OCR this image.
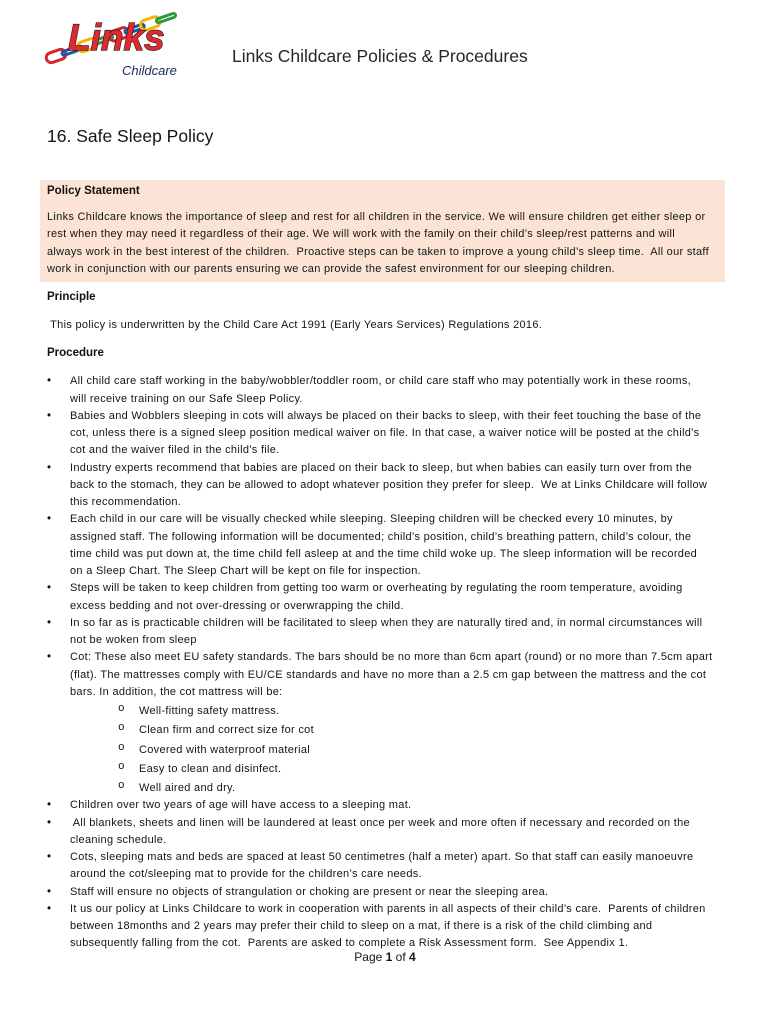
Links
Childcare
Links Childcare Policies & Procedures
16. Safe Sleep Policy
Policy Statement
Links Childcare knows the importance of sleep and rest for all children in the service. We will ensure children get either sleep or
rest when they may need it regardless of their age. We will work with the family on their child’s sleep/rest patterns and will
always work in the best interest of the children.  Proactive steps can be taken to improve a young child’s sleep time.  All our staff
work in conjunction with our parents ensuring we can provide the safest environment for our sleeping children.
Principle
This policy is underwritten by the Child Care Act 1991 (Early Years Services) Regulations 2016.
Procedure
• All child care staff working in the baby/wobbler/toddler room, or child care staff who may potentially work in these rooms,
will receive training on our Safe Sleep Policy.
• Babies and Wobblers sleeping in cots will always be placed on their backs to sleep, with their feet touching the base of the
cot, unless there is a signed sleep position medical waiver on file. In that case, a waiver notice will be posted at the child’s
cot and the waiver filed in the child’s file.
• Industry experts recommend that babies are placed on their back to sleep, but when babies can easily turn over from the
back to the stomach, they can be allowed to adopt whatever position they prefer for sleep.  We at Links Childcare will follow
this recommendation.
• Each child in our care will be visually checked while sleeping. Sleeping children will be checked every 10 minutes, by
assigned staff. The following information will be documented; child’s position, child’s breathing pattern, child’s colour, the
time child was put down at, the time child fell asleep at and the time child woke up. The sleep information will be recorded
on a Sleep Chart. The Sleep Chart will be kept on file for inspection.
• Steps will be taken to keep children from getting too warm or overheating by regulating the room temperature, avoiding
excess bedding and not over-dressing or overwrapping the child.
• In so far as is practicable children will be facilitated to sleep when they are naturally tired and, in normal circumstances will
not be woken from sleep
• Cot: These also meet EU safety standards. The bars should be no more than 6cm apart (round) or no more than 7.5cm apart
(flat). The mattresses comply with EU/CE standards and have no more than a 2.5 cm gap between the mattress and the cot
bars. In addition, the cot mattress will be:
o Well-fitting safety mattress.
o Clean firm and correct size for cot
o Covered with waterproof material
o Easy to clean and disinfect.
o Well aired and dry.
• Children over two years of age will have access to a sleeping mat.
• All blankets, sheets and linen will be laundered at least once per week and more often if necessary and recorded on the
cleaning schedule.
• Cots, sleeping mats and beds are spaced at least 50 centimetres (half a meter) apart. So that staff can easily manoeuvre
around the cot/sleeping mat to provide for the children’s care needs.
• Staff will ensure no objects of strangulation or choking are present or near the sleeping area.
• It us our policy at Links Childcare to work in cooperation with parents in all aspects of their child’s care.  Parents of children
between 18months and 2 years may prefer their child to sleep on a mat, if there is a risk of the child climbing and
subsequently falling from the cot.  Parents are asked to complete a Risk Assessment form.  See Appendix 1.
Page 1 of 4
